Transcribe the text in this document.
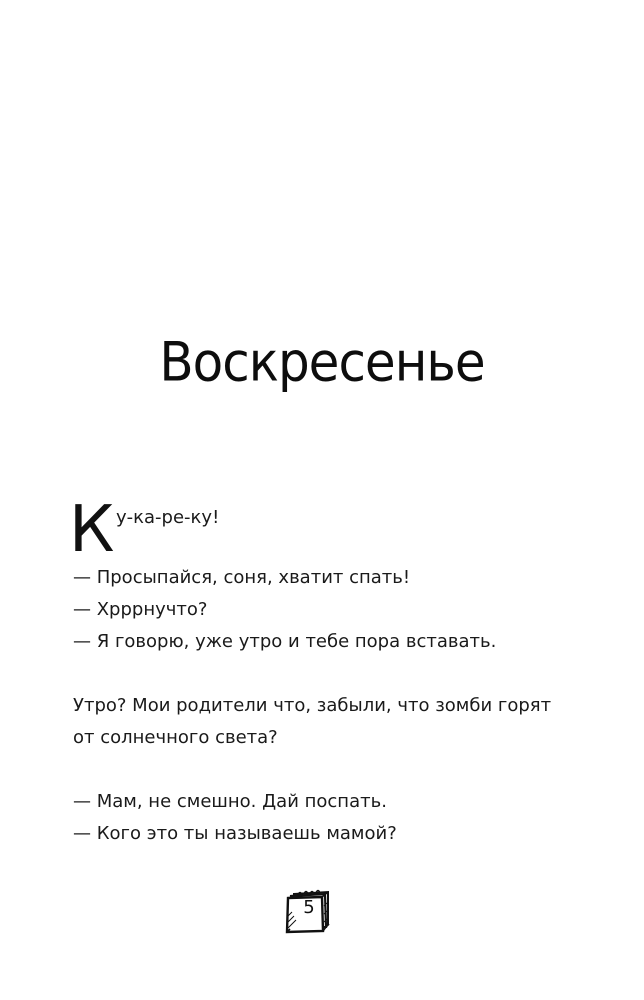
Воскресенье
К у-ка-ре-ку!
— Просыпайся, соня, хватит спать!
— Хрррнучто?
— Я говорю, уже утро и тебе пора вставать.
Утро? Мои родители что, забыли, что зомби горят
от солнечного света?
— Мам, не смешно. Дай поспать.
— Кого это ты называешь мамой?
5
